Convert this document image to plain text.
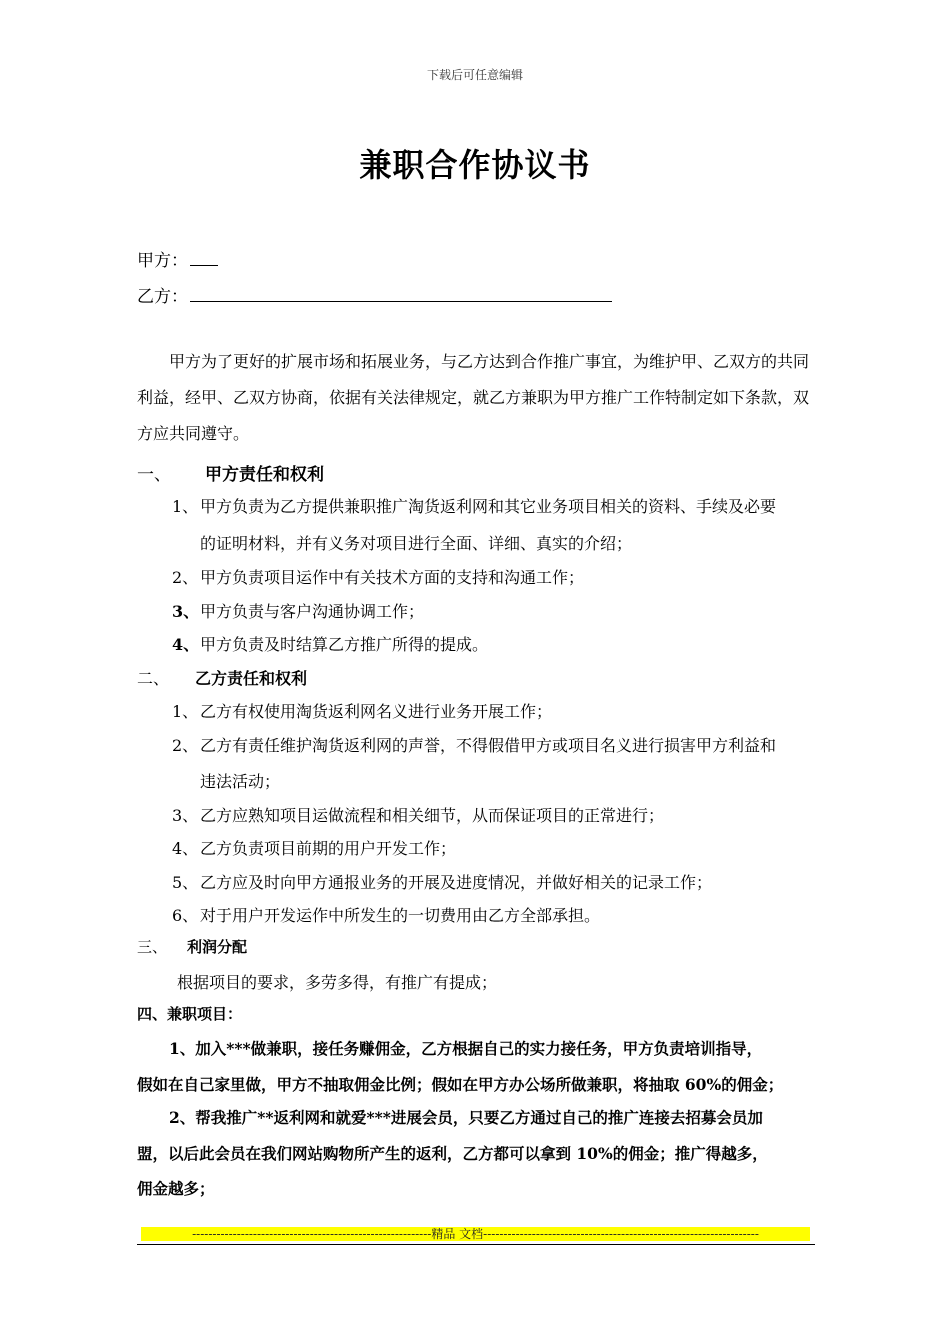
下载后可任意编辑
兼职合作协议书
甲方：
乙方：
甲方为了更好的扩展市场和拓展业务，与乙方达到合作推广事宜，为维护甲、乙双方的共同利益，经甲、乙双方协商，依据有关法律规定，就乙方兼职为甲方推广工作特制定如下条款，双方应共同遵守。
一、 甲方责任和权利
1、 甲方负责为乙方提供兼职推广淘货返利网和其它业务项目相关的资料、手续及必要
的证明材料，并有义务对项目进行全面、详细、真实的介绍；
2、 甲方负责项目运作中有关技术方面的支持和沟通工作；
3、甲方负责与客户沟通协调工作；
4、甲方负责及时结算乙方推广所得的提成。
二、 乙方责任和权利
1、 乙方有权使用淘货返利网名义进行业务开展工作；
2、 乙方有责任维护淘货返利网的声誉，不得假借甲方或项目名义进行损害甲方利益和
违法活动；
3、 乙方应熟知项目运做流程和相关细节，从而保证项目的正常进行；
4、 乙方负责项目前期的用户开发工作；
5、 乙方应及时向甲方通报业务的开展及进度情况，并做好相关的记录工作；
6、 对于用户开发运作中所发生的一切费用由乙方全部承担。
三、 利润分配
根据项目的要求，多劳多得，有推广有提成；
四、兼职项目：
1、加入***做兼职，接任务赚佣金，乙方根据自己的实力接任务，甲方负责培训指导，
假如在自己家里做，甲方不抽取佣金比例；假如在甲方办公场所做兼职，将抽取 60%的佣金；
2、帮我推广**返利网和就爱***进展会员，只要乙方通过自己的推广连接去招募会员加
盟，以后此会员在我们网站购物所产生的返利，乙方都可以拿到 10%的佣金；推广得越多，
佣金越多；
-----------------------------------------------------------精品 文档--------------------------------------------------------------------
